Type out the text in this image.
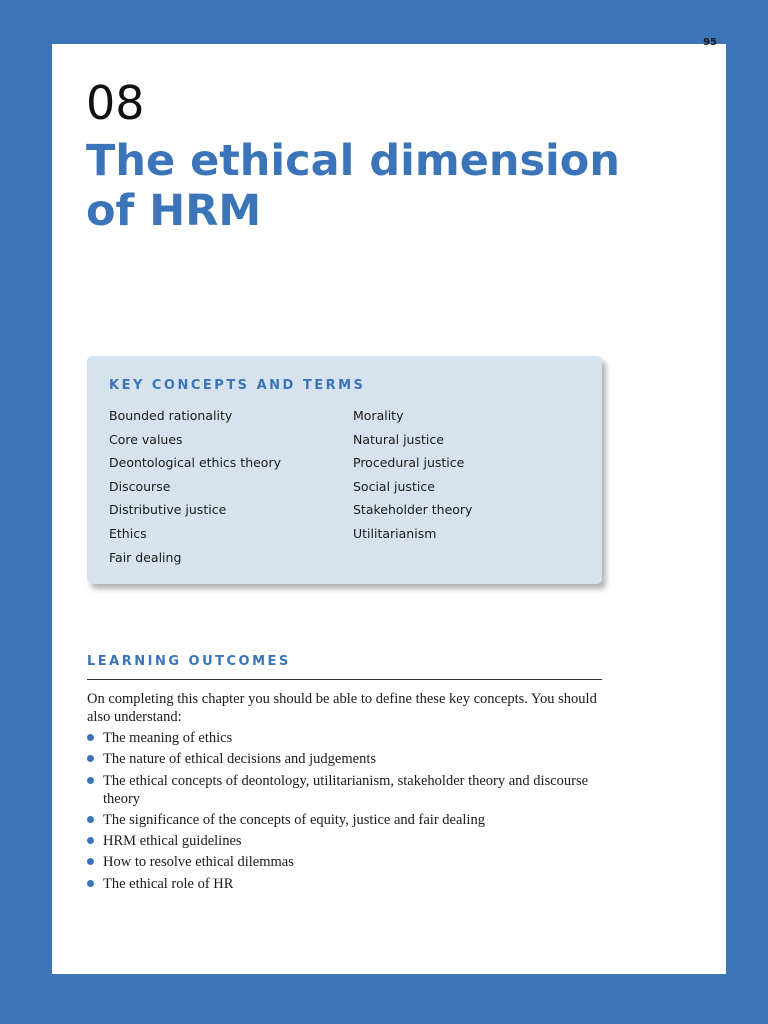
95
08
The ethical dimension
of HRM
KEY CONCEPTS AND TERMS
Bounded rationality
Core values
Deontological ethics theory
Discourse
Distributive justice
Ethics
Fair dealing
Morality
Natural justice
Procedural justice
Social justice
Stakeholder theory
Utilitarianism
LEARNING OUTCOMES

On completing this chapter you should be able to define these key concepts. You should also understand:

The meaning of ethics
The nature of ethical decisions and judgements
The ethical concepts of deontology, utilitarianism, stakeholder theory and discourse theory
The significance of the concepts of equity, justice and fair dealing
HRM ethical guidelines
How to resolve ethical dilemmas
The ethical role of HR
